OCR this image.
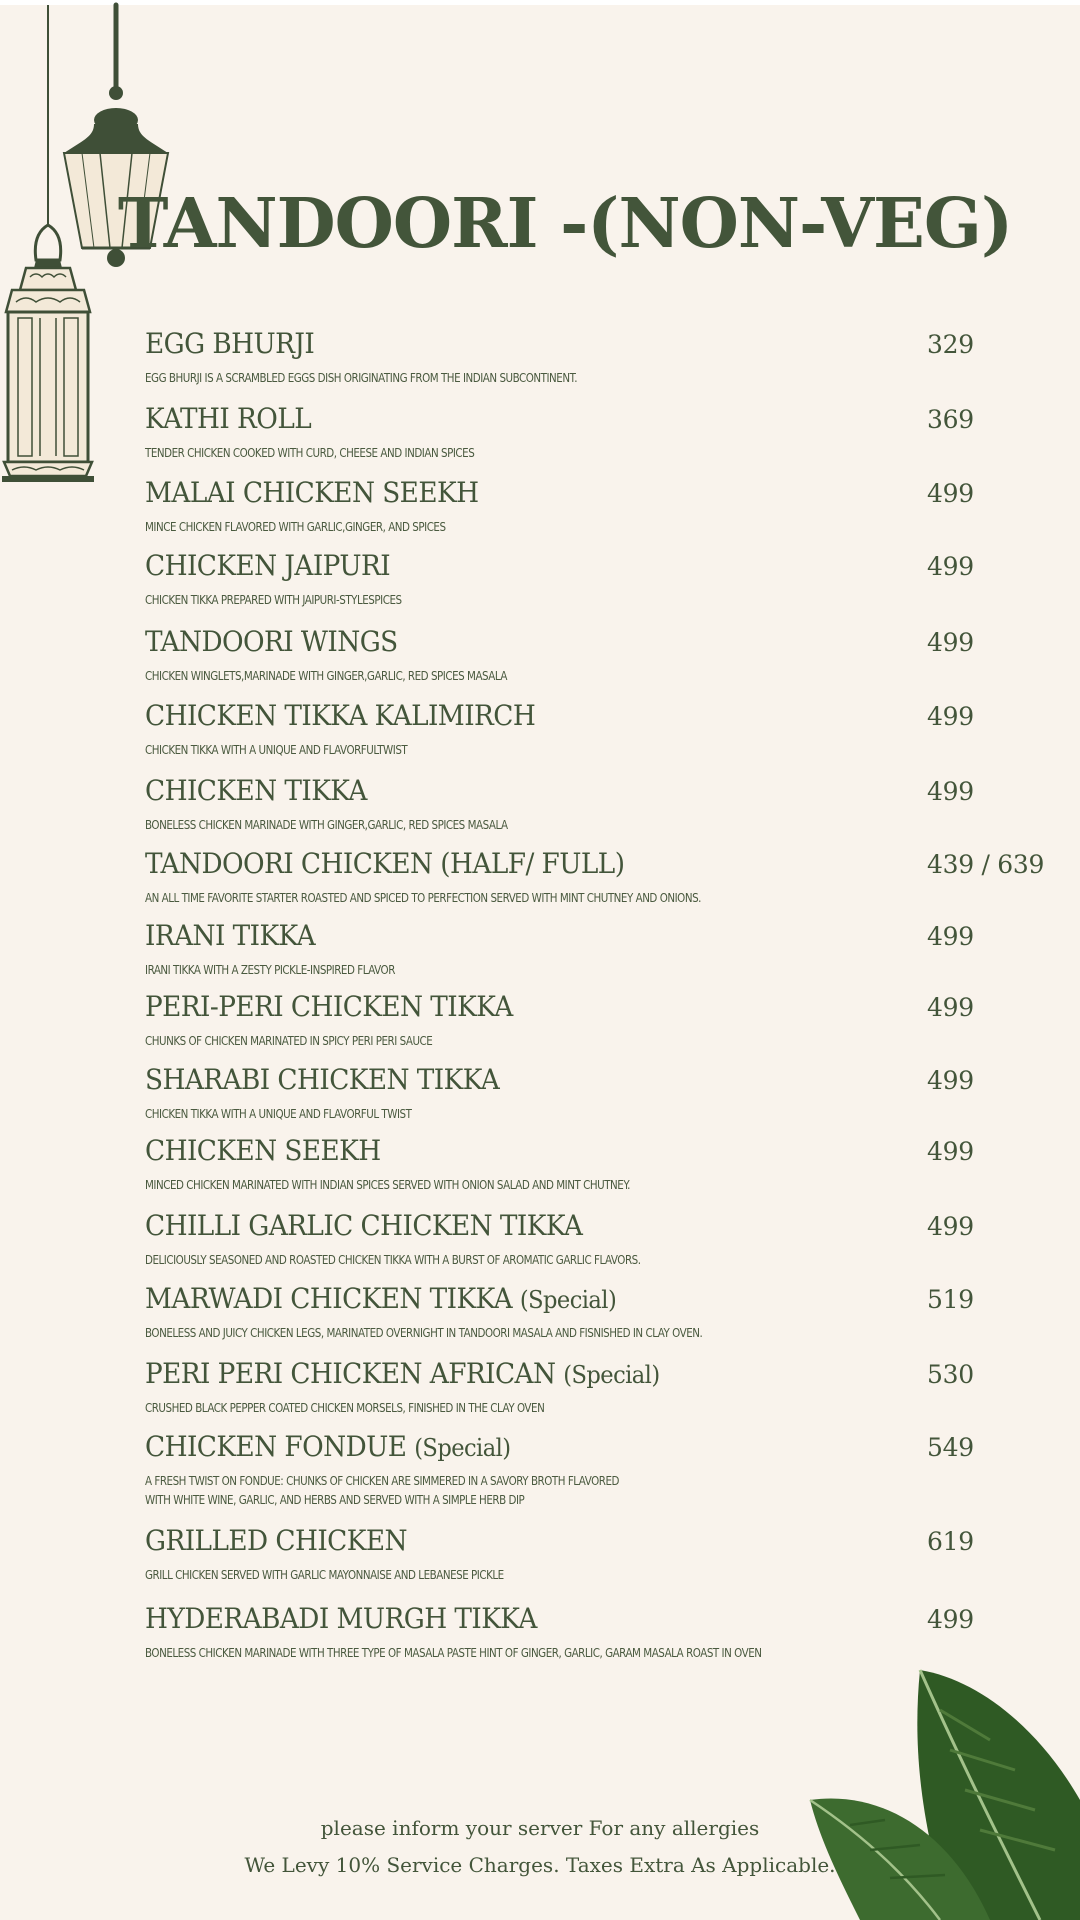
TANDOORI -(NON-VEG)
EGG BHURJI	329
EGG BHURJI IS A SCRAMBLED EGGS DISH ORIGINATING FROM THE INDIAN SUBCONTINENT.
KATHI ROLL	369
TENDER CHICKEN COOKED WITH CURD, CHEESE AND INDIAN SPICES
MALAI CHICKEN SEEKH	499
MINCE CHICKEN FLAVORED WITH GARLIC,GINGER, AND SPICES
CHICKEN JAIPURI	499
CHICKEN TIKKA PREPARED WITH JAIPURI-STYLESPICES
TANDOORI WINGS	499
CHICKEN WINGLETS,MARINADE WITH GINGER,GARLIC, RED SPICES MASALA
CHICKEN TIKKA KALIMIRCH	499
CHICKEN TIKKA WITH A UNIQUE AND FLAVORFULTWIST
CHICKEN TIKKA	499
BONELESS CHICKEN MARINADE WITH GINGER,GARLIC, RED SPICES MASALA
TANDOORI CHICKEN (HALF/ FULL)	439 / 639
AN ALL TIME FAVORITE STARTER ROASTED AND SPICED TO PERFECTION SERVED WITH MINT CHUTNEY AND ONIONS.
IRANI TIKKA	499
IRANI TIKKA WITH A ZESTY PICKLE-INSPIRED FLAVOR
PERI-PERI CHICKEN TIKKA	499
CHUNKS OF CHICKEN MARINATED IN SPICY PERI PERI SAUCE
SHARABI CHICKEN TIKKA	499
CHICKEN TIKKA WITH A UNIQUE AND FLAVORFUL TWIST
CHICKEN SEEKH	499
MINCED CHICKEN MARINATED WITH INDIAN SPICES SERVED WITH ONION SALAD AND MINT CHUTNEY.
CHILLI GARLIC CHICKEN TIKKA	499
DELICIOUSLY SEASONED AND ROASTED CHICKEN TIKKA WITH A BURST OF AROMATIC GARLIC FLAVORS.
MARWADI CHICKEN TIKKA (Special)	519
BONELESS AND JUICY CHICKEN LEGS, MARINATED OVERNIGHT IN TANDOORI MASALA AND FISNISHED IN CLAY OVEN.
PERI PERI CHICKEN AFRICAN (Special)	530
CRUSHED BLACK PEPPER COATED CHICKEN MORSELS, FINISHED IN THE CLAY OVEN
CHICKEN FONDUE (Special)	549
A FRESH TWIST ON FONDUE: CHUNKS OF CHICKEN ARE SIMMERED IN A SAVORY BROTH FLAVORED
WITH WHITE WINE, GARLIC, AND HERBS AND SERVED WITH A SIMPLE HERB DIP
GRILLED CHICKEN	619
GRILL CHICKEN SERVED WITH GARLIC MAYONNAISE AND LEBANESE PICKLE
HYDERABADI MURGH TIKKA	499
BONELESS CHICKEN MARINADE WITH THREE TYPE OF MASALA PASTE HINT OF GINGER, GARLIC, GARAM MASALA ROAST IN OVEN
please inform your server For any allergies
We Levy 10% Service Charges. Taxes Extra As Applicable.
